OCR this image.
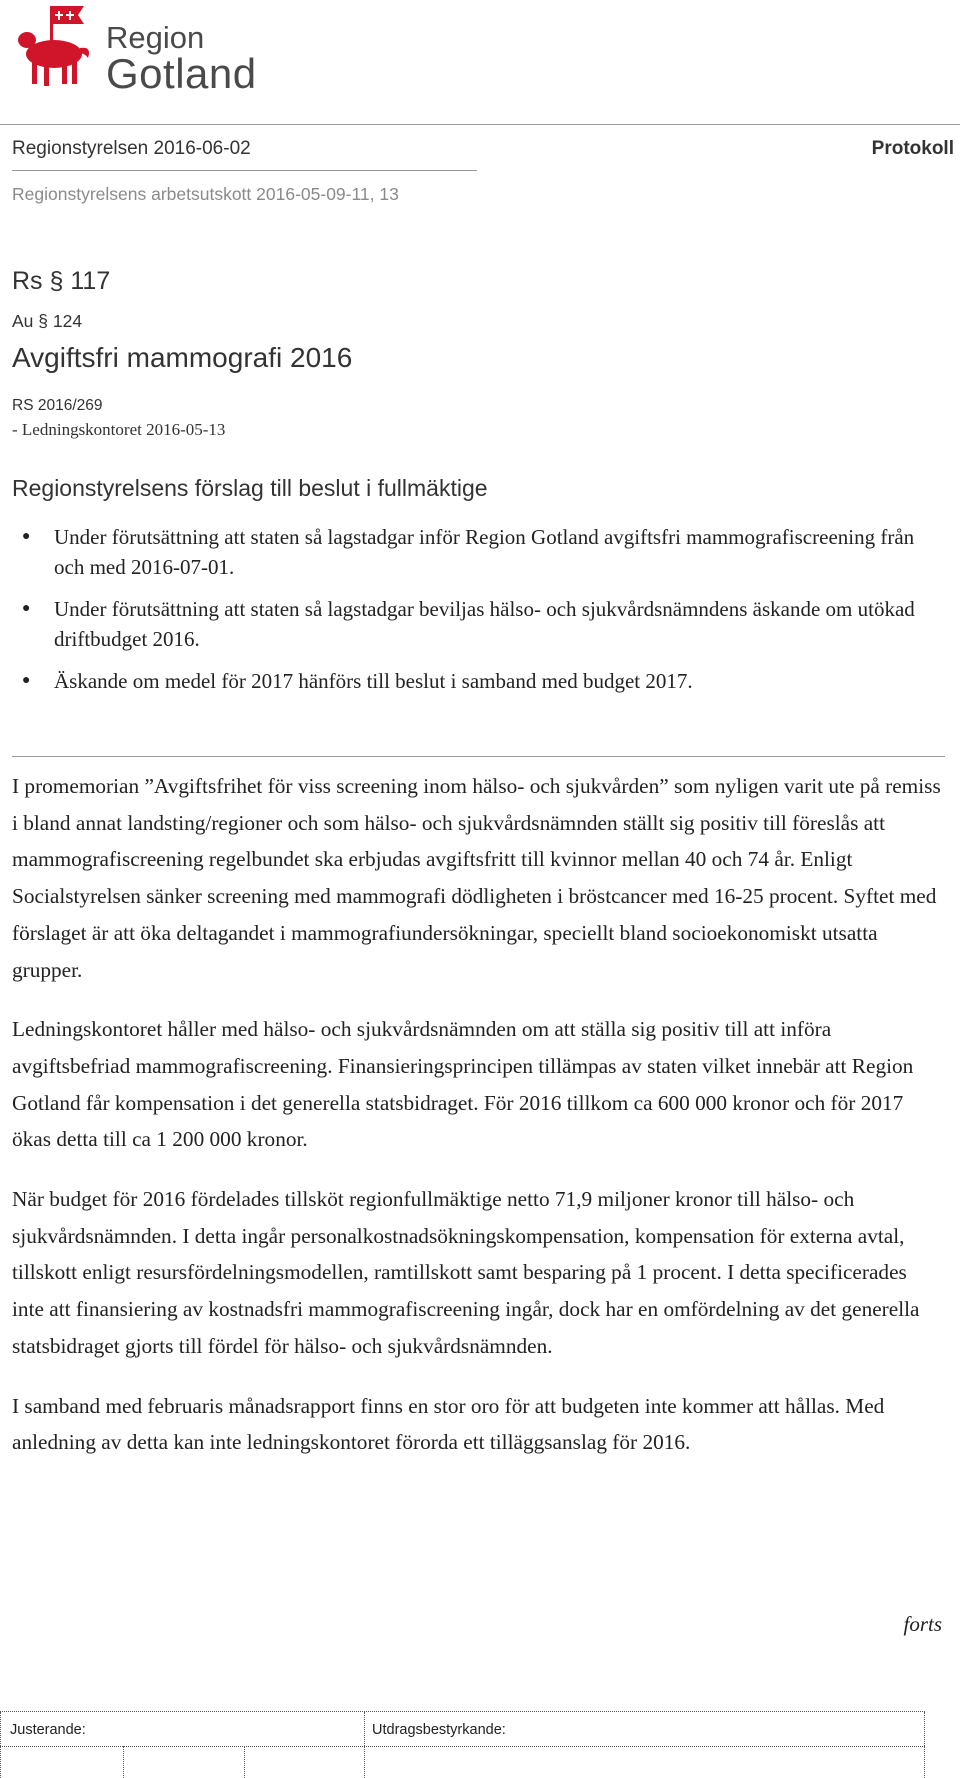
Region
Gotland
Regionstyrelsen 2016-06-02	Protokoll
Regionstyrelsens arbetsutskott 2016-05-09-11, 13
Rs § 117
Au § 124
Avgiftsfri mammografi 2016
RS 2016/269
- Ledningskontoret 2016-05-13
Regionstyrelsens förslag till beslut i fullmäktige
● Under förutsättning att staten så lagstadgar inför Region Gotland avgiftsfri mammografiscreening från och med 2016-07-01.
● Under förutsättning att staten så lagstadgar beviljas hälso- och sjukvårdsnämndens äskande om utökad driftbudget 2016.
● Äskande om medel för 2017 hänförs till beslut i samband med budget 2017.

I promemorian ”Avgiftsfrihet för viss screening inom hälso- och sjukvården” som nyligen varit ute på remiss i bland annat landsting/regioner och som hälso- och sjukvårdsnämnden ställt sig positiv till föreslås att mammografiscreening regelbundet ska erbjudas avgiftsfritt till kvinnor mellan 40 och 74 år. Enligt Socialstyrelsen sänker screening med mammografi dödligheten i bröstcancer med 16-25 procent. Syftet med förslaget är att öka deltagandet i mammografiundersökningar, speciellt bland socioekonomiskt utsatta grupper.

Ledningskontoret håller med hälso- och sjukvårdsnämnden om att ställa sig positiv till att införa avgiftsbefriad mammografiscreening. Finansieringsprincipen tillämpas av staten vilket innebär att Region Gotland får kompensation i det generella statsbidraget. För 2016 tillkom ca 600 000 kronor och för 2017 ökas detta till ca 1 200 000 kronor.

När budget för 2016 fördelades tillsköt regionfullmäktige netto 71,9 miljoner kronor till hälso- och sjukvårdsnämnden. I detta ingår personalkostnadsökningskompensation, kompensation för externa avtal, tillskott enligt resursfördelningsmodellen, ramtillskott samt besparing på 1 procent. I detta specificerades inte att finansiering av kostnadsfri mammografiscreening ingår, dock har en omfördelning av det generella statsbidraget gjorts till fördel för hälso- och sjukvårdsnämnden.

I samband med februaris månadsrapport finns en stor oro för att budgeten inte kommer att hållas. Med anledning av detta kan inte ledningskontoret förorda ett tilläggsanslag för 2016.

forts
Justerande:	Utdragsbestyrkande:
